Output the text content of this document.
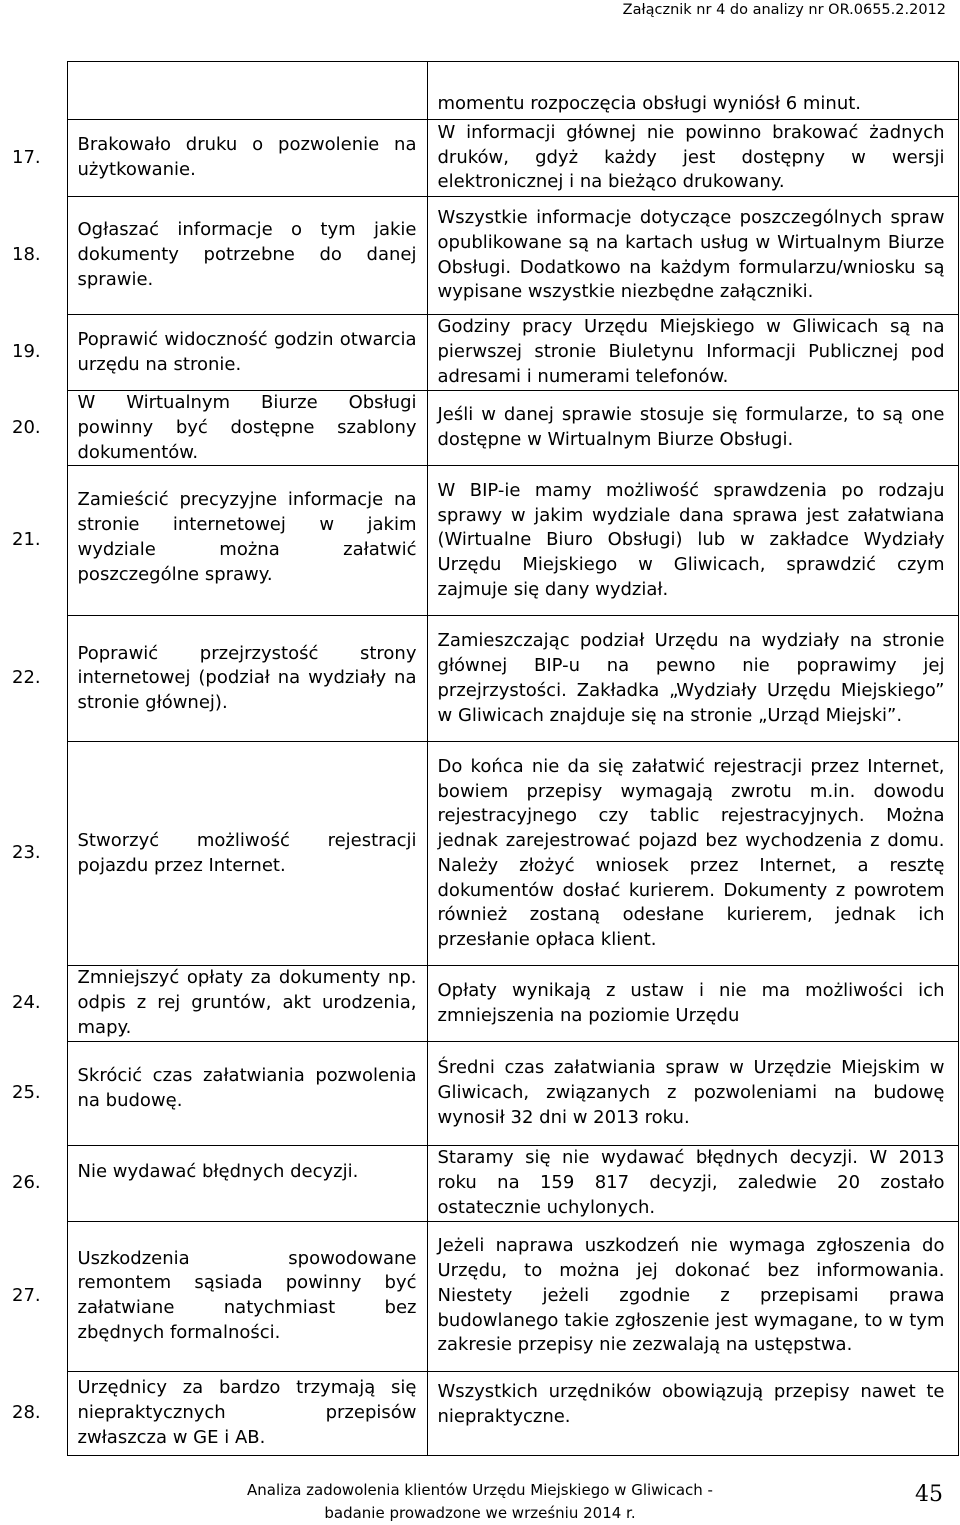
Załącznik nr 4 do analizy nr OR.0655.2.2012
		momentu rozpoczęcia obsługi wyniósł 6 minut.
17.	Brakowało druku o pozwolenie na użytkowanie.	W informacji głównej nie powinno brakować żadnych druków, gdyż każdy jest dostępny w wersji elektronicznej i na bieżąco drukowany.
18.	Ogłaszać informacje o tym jakie dokumenty potrzebne do danej sprawie.	Wszystkie informacje dotyczące poszczególnych spraw opublikowane są na kartach usług w Wirtualnym Biurze Obsługi. Dodatkowo na każdym formularzu/wniosku są wypisane wszystkie niezbędne załączniki.
19.	Poprawić widoczność godzin otwarcia urzędu na stronie.	Godziny pracy Urzędu Miejskiego w Gliwicach są na pierwszej stronie Biuletynu Informacji Publicznej pod adresami i numerami telefonów.
20.	W Wirtualnym Biurze Obsługi powinny być dostępne szablony dokumentów.	Jeśli w danej sprawie stosuje się formularze, to są one dostępne w Wirtualnym Biurze Obsługi.
21.	Zamieścić precyzyjne informacje na stronie internetowej w jakim wydziale można załatwić poszczególne sprawy.	W BIP-ie mamy możliwość sprawdzenia po rodzaju sprawy w jakim wydziale dana sprawa jest załatwiana (Wirtualne Biuro Obsługi) lub w zakładce Wydziały Urzędu Miejskiego w Gliwicach, sprawdzić czym zajmuje się dany wydział.
22.	Poprawić przejrzystość strony internetowej (podział na wydziały na stronie głównej).	Zamieszczając podział Urzędu na wydziały na stronie głównej BIP-u na pewno nie poprawimy jej przejrzystości. Zakładka „Wydziały Urzędu Miejskiego” w Gliwicach znajduje się na stronie „Urząd Miejski”.
23.	Stworzyć możliwość rejestracji pojazdu przez Internet.	Do końca nie da się załatwić rejestracji przez Internet, bowiem przepisy wymagają zwrotu m.in. dowodu rejestracyjnego czy tablic rejestracyjnych. Można jednak zarejestrować pojazd bez wychodzenia z domu. Należy złożyć wniosek przez Internet, a resztę dokumentów dosłać kurierem. Dokumenty z powrotem również zostaną odesłane kurierem, jednak ich przesłanie opłaca klient.
24.	Zmniejszyć opłaty za dokumenty np. odpis z rej gruntów, akt urodzenia, mapy.	Opłaty wynikają z ustaw i nie ma możliwości ich zmniejszenia na poziomie Urzędu
25.	Skrócić czas załatwiania pozwolenia na budowę.	Średni czas załatwiania spraw w Urzędzie Miejskim w Gliwicach, związanych z pozwoleniami na budowę wynosił 32 dni w 2013 roku.
26.	Nie wydawać błędnych decyzji.	Staramy się nie wydawać błędnych decyzji. W 2013 roku na 159 817 decyzji, zaledwie 20 zostało ostatecznie uchylonych.
27.	Uszkodzenia spowodowane remontem sąsiada powinny być załatwiane natychmiast bez zbędnych formalności.	Jeżeli naprawa uszkodzeń nie wymaga zgłoszenia do Urzędu, to można jej dokonać bez informowania. Niestety jeżeli zgodnie z przepisami prawa budowlanego takie zgłoszenie jest wymagane, to w tym zakresie przepisy nie zezwalają na ustępstwa.
28.	Urzędnicy za bardzo trzymają się niepraktycznych przepisów zwłaszcza w GE i AB.	Wszystkich urzędników obowiązują przepisy nawet te niepraktyczne.
Analiza zadowolenia klientów Urzędu Miejskiego w Gliwicach -
badanie prowadzone we wrześniu 2014 r.
45
